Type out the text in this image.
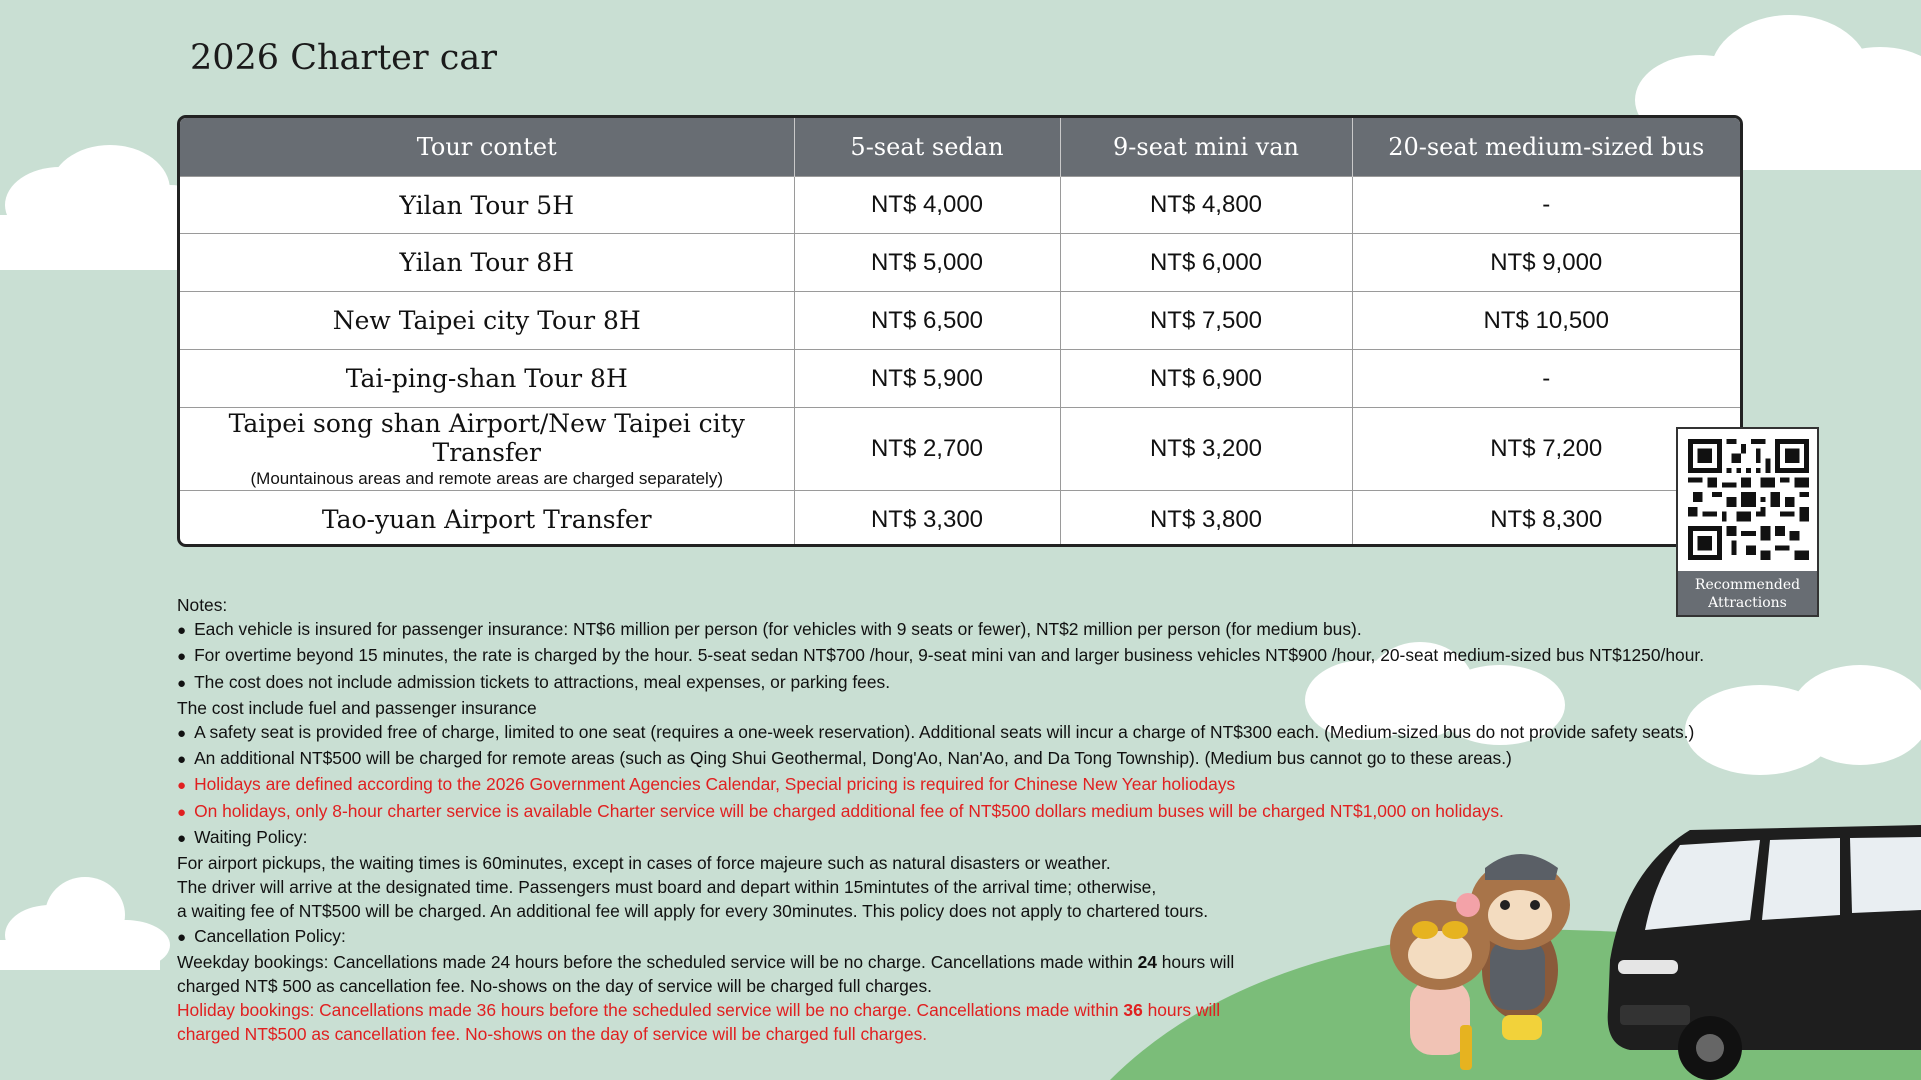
2026 Charter car
Tour contet	5-seat sedan	9-seat mini van	20-seat medium-sized bus
Yilan Tour 5H	NT$ 4,000	NT$ 4,800	-
Yilan Tour 8H	NT$ 5,000	NT$ 6,000	NT$ 9,000
New Taipei city Tour 8H	NT$ 6,500	NT$ 7,500	NT$ 10,500
Tai-ping-shan Tour 8H	NT$ 5,900	NT$ 6,900	-
Taipei song shan Airport/New Taipei city Transfer
(Mountainous areas and remote areas are charged separately)	NT$ 2,700	NT$ 3,200	NT$ 7,200
Tao-yuan Airport Transfer	NT$ 3,300	NT$ 3,800	NT$ 8,300
Recommended
Attractions
Notes:
● Each vehicle is insured for passenger insurance: NT$6 million per person (for vehicles with 9 seats or fewer), NT$2 million per person (for medium bus).
● For overtime beyond 15 minutes, the rate is charged by the hour. 5-seat sedan NT$700 /hour, 9-seat mini van and larger business vehicles NT$900 /hour, 20-seat medium-sized bus NT$1250/hour.
● The cost does not include admission tickets to attractions, meal expenses, or parking fees.
The cost include fuel and passenger insurance
● A safety seat is provided free of charge, limited to one seat (requires a one-week reservation). Additional seats will incur a charge of NT$300 each. (Medium-sized bus do not provide safety seats.)
● An additional NT$500 will be charged for remote areas (such as Qing Shui Geothermal, Dong'Ao, Nan'Ao, and Da Tong Township). (Medium bus cannot go to these areas.)
● Holidays are defined according to the 2026 Government Agencies Calendar, Special pricing is required for Chinese New Year holiodays
● On holidays, only 8-hour charter service is available Charter service will be charged additional fee of NT$500 dollars medium buses will be charged NT$1,000 on holidays.
● Waiting Policy:
For airport pickups, the waiting times is 60minutes, except in cases of force majeure such as natural disasters or weather.
The driver will arrive at the designated time. Passengers must board and depart within 15mintutes of the arrival time; otherwise,
a waiting fee of NT$500 will be charged. An additional fee will apply for every 30minutes. This policy does not apply to chartered tours.
● Cancellation Policy:
Weekday bookings: Cancellations made 24 hours before the scheduled service will be no charge. Cancellations made within 24 hours will
charged NT$ 500 as cancellation fee. No-shows on the day of service will be charged full charges.
Holiday bookings: Cancellations made 36 hours before the scheduled service will be no charge. Cancellations made within 36 hours will
charged NT$500 as cancellation fee. No-shows on the day of service will be charged full charges.
